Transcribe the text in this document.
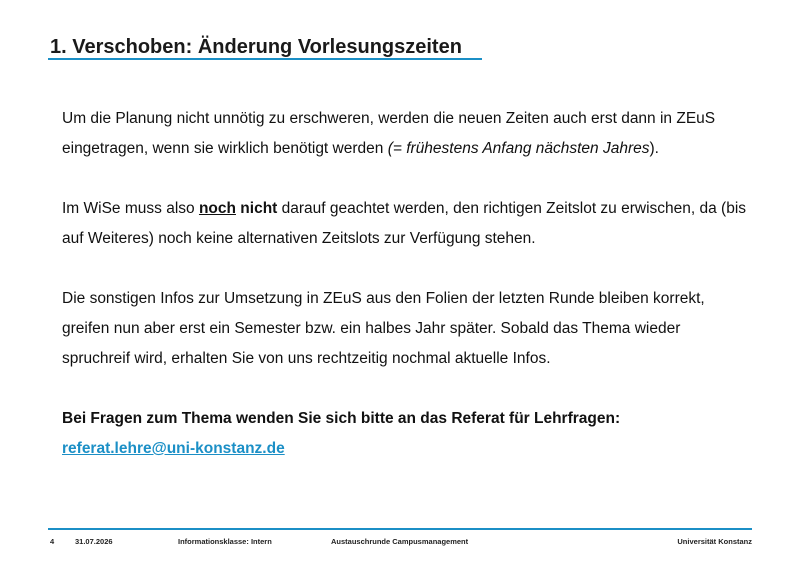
1. Verschoben: Änderung Vorlesungszeiten

Um die Planung nicht unnötig zu erschweren, werden die neuen Zeiten auch erst dann in ZEuS eingetragen, wenn sie wirklich benötigt werden (= frühestens Anfang nächsten Jahres).

Im WiSe muss also noch nicht darauf geachtet werden, den richtigen Zeitslot zu erwischen, da (bis auf Weiteres) noch keine alternativen Zeitslots zur Verfügung stehen.

Die sonstigen Infos zur Umsetzung in ZEuS aus den Folien der letzten Runde bleiben korrekt, greifen nun aber erst ein Semester bzw. ein halbes Jahr später. Sobald das Thema wieder spruchreif wird, erhalten Sie von uns rechtzeitig nochmal aktuelle Infos.

Bei Fragen zum Thema wenden Sie sich bitte an das Referat für Lehrfragen:
referat.lehre@uni-konstanz.de

4	31.07.2026	Informationsklasse: Intern	Austauschrunde Campusmanagement	Universität Konstanz
